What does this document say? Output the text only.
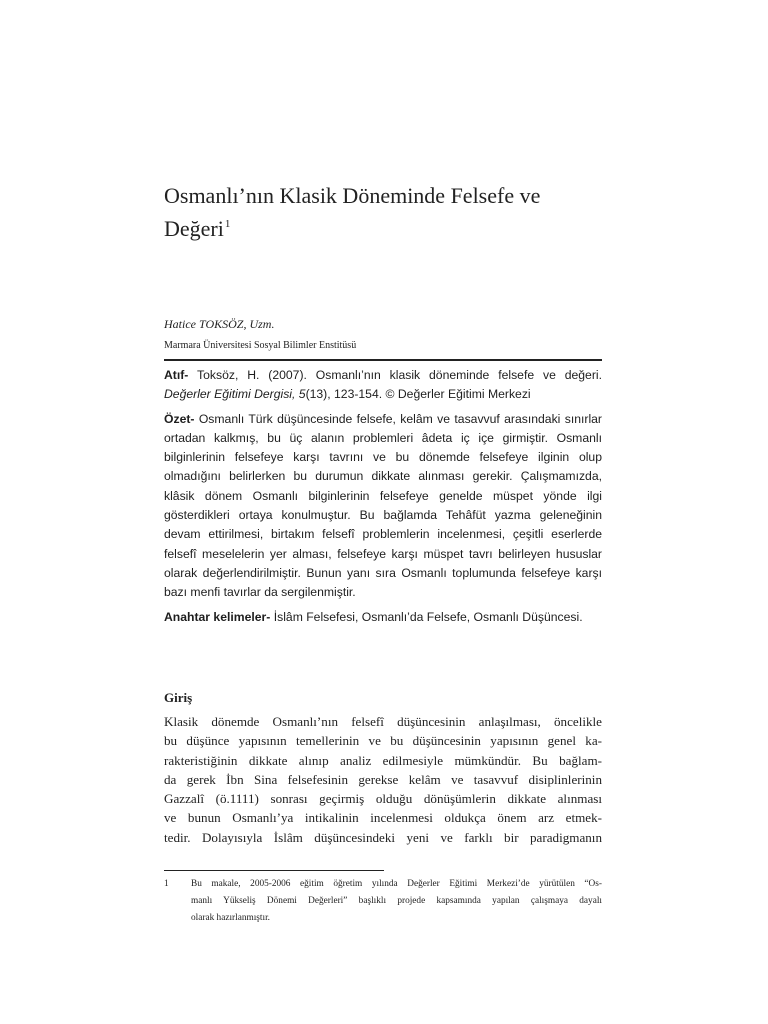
Osmanlı’nın Klasik Döneminde Felsefe ve Değeri$^1$
Hatice TOKSÖZ, Uzm.
Marmara Üniversitesi Sosyal Bilimler Enstitüsü

Atıf- Toksöz, H. (2007). Osmanlı’nın klasik döneminde felsefe ve değeri. Değerler Eğitimi Dergisi, 5(13), 123-154. © Değerler Eğitimi Merkezi

Özet- Osmanlı Türk düşüncesinde felsefe, kelâm ve tasavvuf arasındaki sınırlar ortadan kalkmış, bu üç alanın problemleri âdeta iç içe girmiştir. Osmanlı bilginlerinin felsefeye karşı tavrını ve bu dönemde felsefeye ilginin olup olmadığını belirlerken bu durumun dikkate alınması gerekir. Çalışmamızda, klâsik dönem Osmanlı bilginlerinin felsefeye genelde müspet yönde ilgi gösterdikleri ortaya konulmuştur. Bu bağlamda Tehâfüt yazma geleneğinin devam ettirilmesi, birtakım felsefî problemlerin incelenmesi, çeşitli eserlerde felsefî meselelerin yer alması, felsefeye karşı müspet tavrı belirleyen hususlar olarak değerlendirilmiştir. Bunun yanı sıra Osmanlı toplumunda felsefeye karşı bazı menfi tavırlar da sergilenmiştir.

Anahtar kelimeler- İslâm Felsefesi, Osmanlı’da Felsefe, Osmanlı Düşüncesi.

Giriş
Klasik dönemde Osmanlı’nın felsefî düşüncesinin anlaşılması, öncelikle
bu düşünce yapısının temellerinin ve bu düşüncesinin yapısının genel ka-
rakteristiğinin dikkate alınıp analiz edilmesiyle mümkündür. Bu bağlam-
da gerek İbn Sina felsefesinin gerekse kelâm ve tasavvuf disiplinlerinin
Gazzalî (ö.1111) sonrası geçirmiş olduğu dönüşümlerin dikkate alınması
ve bunun Osmanlı’ya intikalinin incelenmesi oldukça önem arz etmek-
tedir. Dolayısıyla İslâm düşüncesindeki yeni ve farklı bir paradigmanın
1 Bu makale, 2005-2006 eğitim öğretim yılında Değerler Eğitimi Merkezi’de yürütülen “Os-
manlı Yükseliş Dönemi Değerleri” başlıklı projede kapsamında yapılan çalışmaya dayalı
olarak hazırlanmıştır.
